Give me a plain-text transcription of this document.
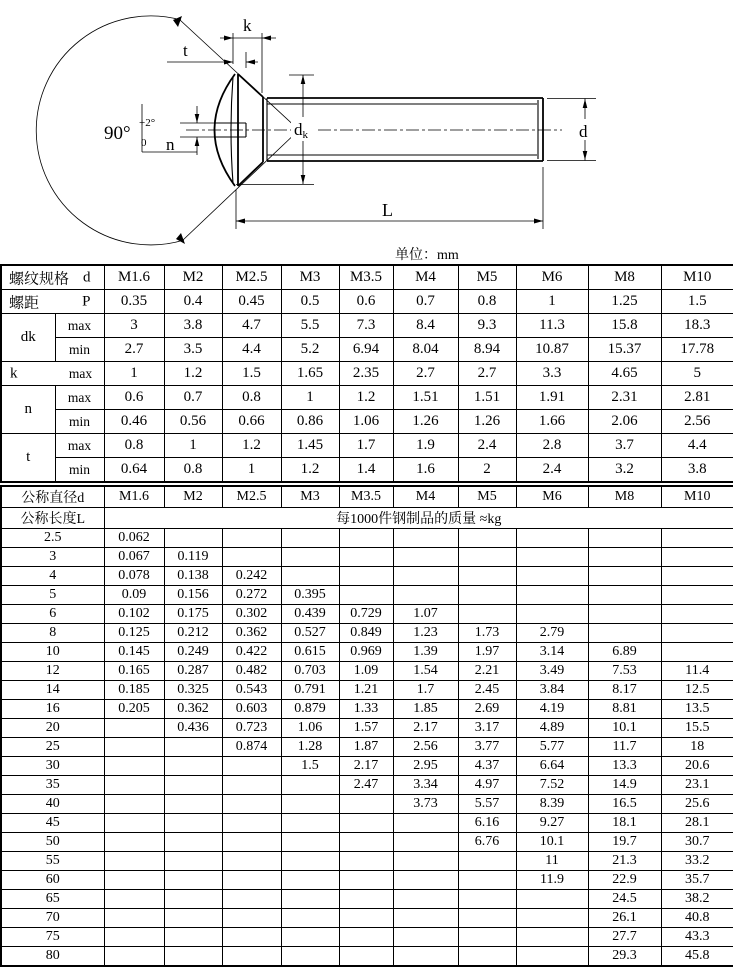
k
t
n
dk	d
L
90° +2°
0
单位：mm
螺纹规格 d		M1.6	M2	M2.5	M3	M3.5	M4	M5	M6	M8	M10

螺距 P		0.35	0.4	0.45	0.5	0.6	0.7	0.8	1	1.25	1.5
dk	max	3	3.8	4.7	5.5	7.3	8.4	9.3	11.3	15.8	18.3
	min	2.7	3.5	4.4	5.2	6.94	8.04	8.94	10.87	15.37	17.78

k max		1	1.2	1.5	1.65	2.35	2.7	2.7	3.3	4.65	5
n	max	0.6	0.7	0.8	1	1.2	1.51	1.51	1.91	2.31	2.81
	min	0.46	0.56	0.66	0.86	1.06	1.26	1.26	1.66	2.06	2.56
t	max	0.8	1	1.2	1.45	1.7	1.9	2.4	2.8	3.7	4.4
	min	0.64	0.8	1	1.2	1.4	1.6	2	2.4	3.2	3.8
公称直径d	M1.6	M2	M2.5	M3	M3.5	M4	M5	M6	M8	M10
公称长度L	每1000件钢制品的质量 ≈kg									
2.5	0.062									
3	0.067	0.119								
4	0.078	0.138	0.242							
5	0.09	0.156	0.272	0.395						
6	0.102	0.175	0.302	0.439	0.729	1.07				
8	0.125	0.212	0.362	0.527	0.849	1.23	1.73	2.79		
10	0.145	0.249	0.422	0.615	0.969	1.39	1.97	3.14	6.89	
12	0.165	0.287	0.482	0.703	1.09	1.54	2.21	3.49	7.53	11.4
14	0.185	0.325	0.543	0.791	1.21	1.7	2.45	3.84	8.17	12.5
16	0.205	0.362	0.603	0.879	1.33	1.85	2.69	4.19	8.81	13.5
20		0.436	0.723	1.06	1.57	2.17	3.17	4.89	10.1	15.5
25			0.874	1.28	1.87	2.56	3.77	5.77	11.7	18
30				1.5	2.17	2.95	4.37	6.64	13.3	20.6
35					2.47	3.34	4.97	7.52	14.9	23.1
40						3.73	5.57	8.39	16.5	25.6
45							6.16	9.27	18.1	28.1
50							6.76	10.1	19.7	30.7
55								11	21.3	33.2
60								11.9	22.9	35.7
65									24.5	38.2
70									26.1	40.8
75									27.7	43.3
80									29.3	45.8
